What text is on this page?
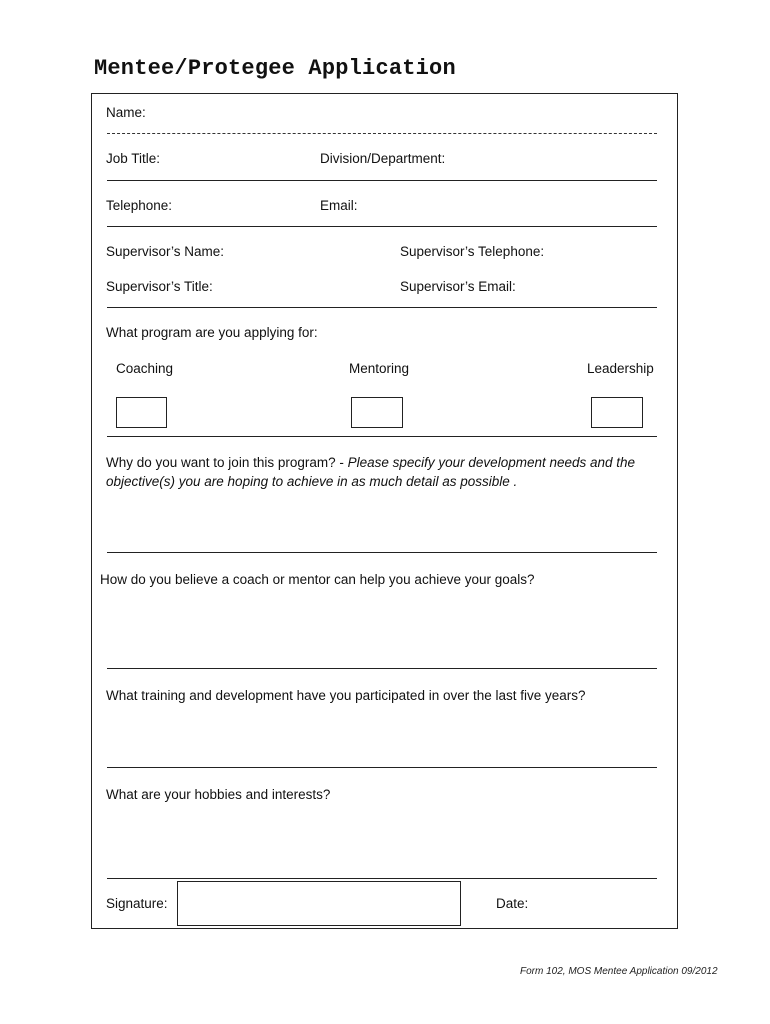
Mentee/Protegee Application
Name:
Job Title:	Division/Department:
Telephone:	Email:
Supervisor’s Name:	Supervisor’s Telephone:
Supervisor’s Title:	Supervisor’s Email:
What program are you applying for:
Coaching	Mentoring	Leadership
Why do you want to join this program? - Please specify your development needs and the objective(s) you are hoping to achieve in as much detail as possible .
How do you believe a coach or mentor can help you achieve your goals?
What training and development have you participated in over the last five years?
What are your hobbies and interests?
Signature:	Date:
Form 102, MOS Mentee Application 09/2012
